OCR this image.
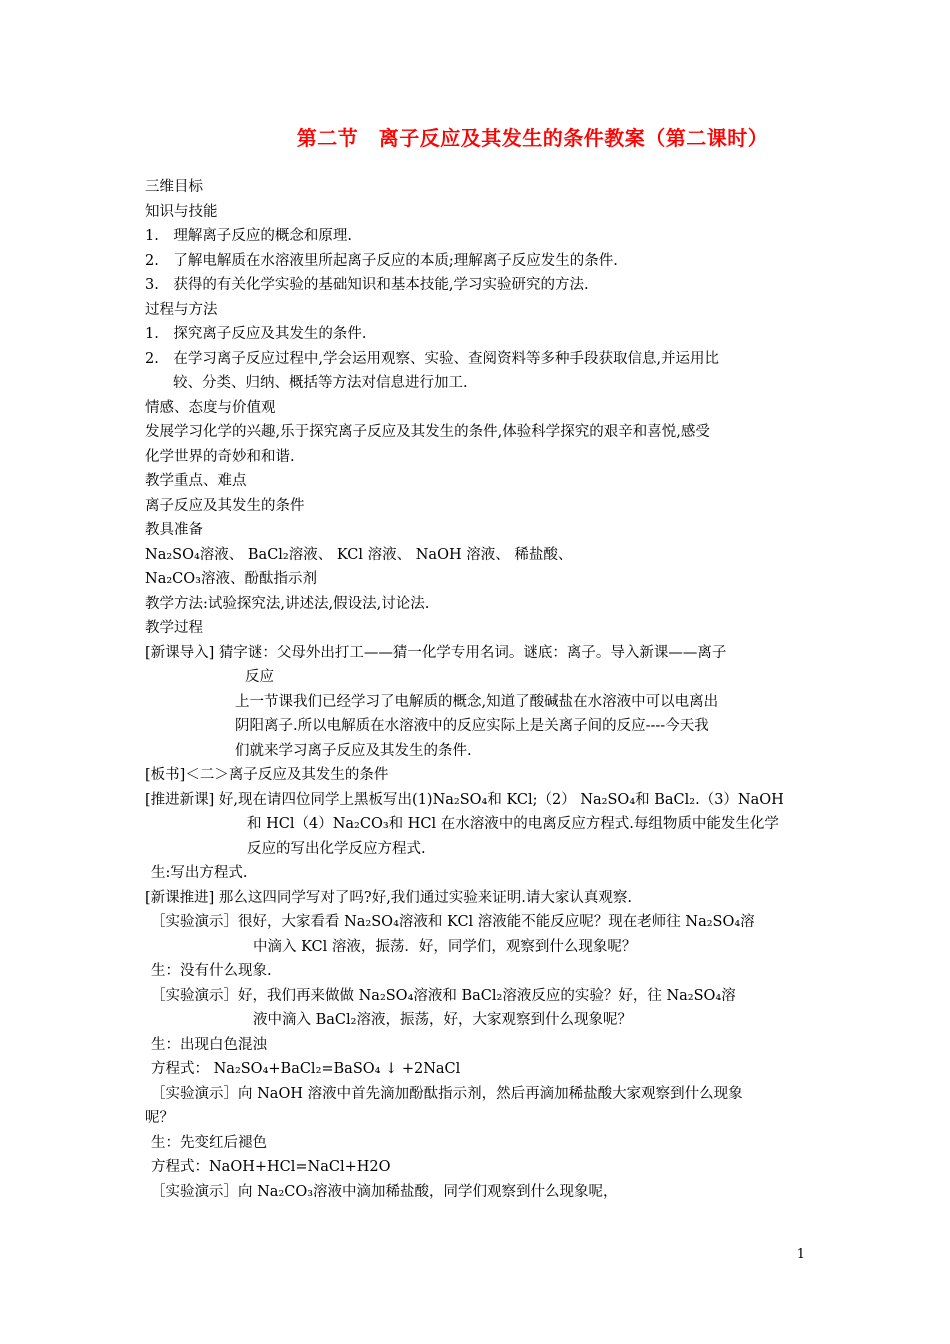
第二节　离子反应及其发生的条件教案（第二课时）
三维目标
知识与技能
1.　理解离子反应的概念和原理.
2.　了解电解质在水溶液里所起离子反应的本质;理解离子反应发生的条件.
3.　获得的有关化学实验的基础知识和基本技能,学习实验研究的方法.
过程与方法
1.　探究离子反应及其发生的条件.
2.　在学习离子反应过程中,学会运用观察、实验、查阅资料等多种手段获取信息,并运用比
较、分类、归纳、概括等方法对信息进行加工.
情感、态度与价值观
发展学习化学的兴趣,乐于探究离子反应及其发生的条件,体验科学探究的艰辛和喜悦,感受
化学世界的奇妙和和谐.
教学重点、难点
离子反应及其发生的条件
教具准备
Na₂SO₄溶液、 BaCl₂溶液、 KCl 溶液、 NaOH 溶液、 稀盐酸、
Na₂CO₃溶液、酚酞指示剂
教学方法:试验探究法,讲述法,假设法,讨论法.
教学过程
[新课导入] 猜字谜：父母外出打工——猜一化学专用名词。谜底：离子。导入新课——离子
反应
上一节课我们已经学习了电解质的概念,知道了酸碱盐在水溶液中可以电离出
阴阳离子.所以电解质在水溶液中的反应实际上是关离子间的反应----今天我
们就来学习离子反应及其发生的条件.
[板书]＜二＞离子反应及其发生的条件
[推进新课] 好,现在请四位同学上黑板写出(1)Na₂SO₄和 KCl;（2） Na₂SO₄和 BaCl₂.（3）NaOH
和 HCl（4）Na₂CO₃和 HCl 在水溶液中的电离反应方程式.每组物质中能发生化学
反应的写出化学反应方程式.
生:写出方程式.
[新课推进] 那么这四同学写对了吗?好,我们通过实验来证明.请大家认真观察.
［实验演示］很好，大家看看 Na₂SO₄溶液和 KCl 溶液能不能反应呢？现在老师往 Na₂SO₄溶
中滴入 KCl 溶液，振荡．好，同学们，观察到什么现象呢？
生：没有什么现象.
［实验演示］好，我们再来做做 Na₂SO₄溶液和 BaCl₂溶液反应的实验？好，往 Na₂SO₄溶
液中滴入 BaCl₂溶液，振荡，好，大家观察到什么现象呢？
生：出现白色混浊
方程式： Na₂SO₄+BaCl₂=BaSO₄ ↓ +2NaCl
［实验演示］向 NaOH 溶液中首先滴加酚酞指示剂，然后再滴加稀盐酸大家观察到什么现象
呢？
生：先变红后褪色
方程式：NaOH+HCl=NaCl+H2O
［实验演示］向 Na₂CO₃溶液中滴加稀盐酸，同学们观察到什么现象呢，
1
